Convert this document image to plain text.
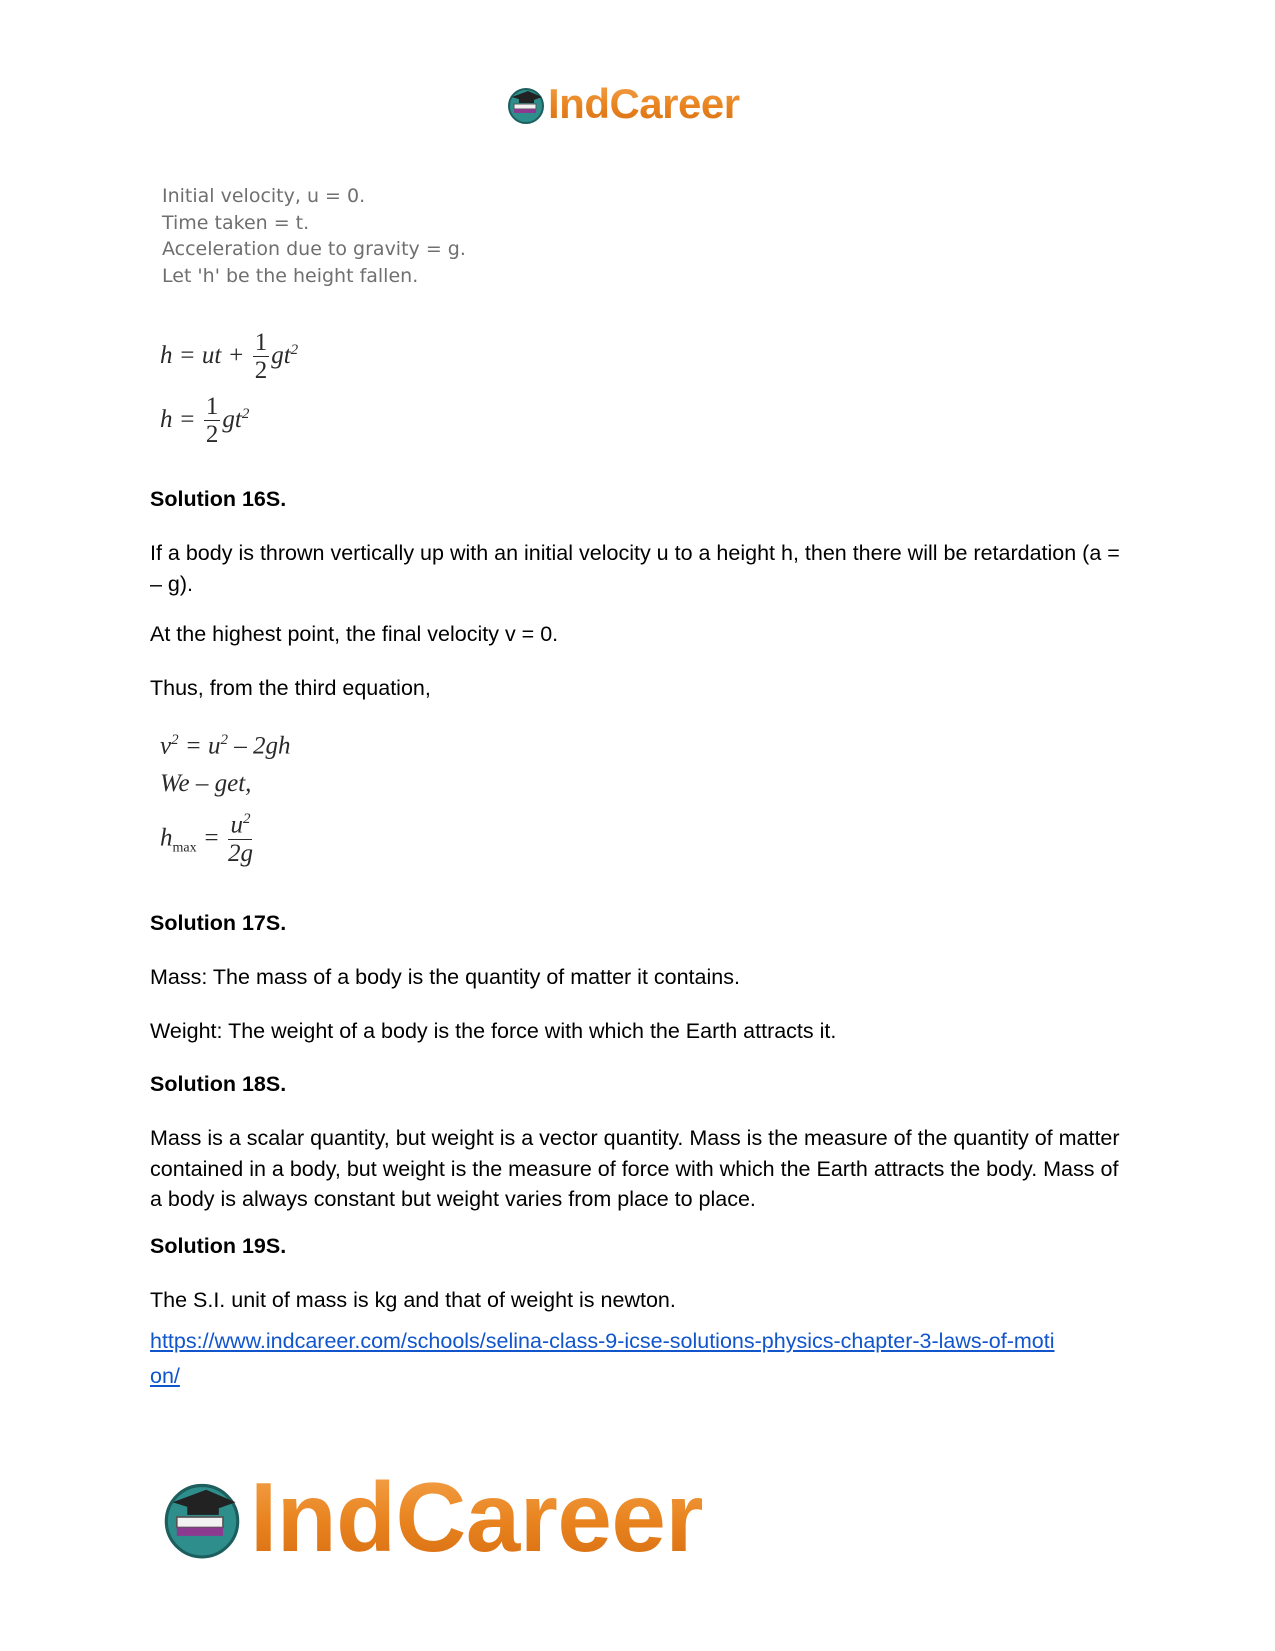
IndCareer
Initial velocity, u = 0.
Time taken = t.
Acceleration due to gravity = g.
Let 'h' be the height fallen.
h = ut + $\frac{1}{2} gt^2$
$h = \frac{1}{2} gt^2$

Solution 16S.

If a body is thrown vertically up with an initial velocity u to a height h, then there will be retardation (a = – g).

At the highest point, the final velocity v = 0.

Thus, from the third equation,

$v^2 = u^2 - 2gh$
We – get,
$h_{max} = \frac{u^2}{2g}$

Solution 17S.

Mass: The mass of a body is the quantity of matter it contains.

Weight: The weight of a body is the force with which the Earth attracts it.

Solution 18S.

Mass is a scalar quantity, but weight is a vector quantity. Mass is the measure of the quantity of matter contained in a body, but weight is the measure of force with which the Earth attracts the body. Mass of a body is always constant but weight varies from place to place.

Solution 19S.

The S.I. unit of mass is kg and that of weight is newton.

https://www.indcareer.com/schools/selina-class-9-icse-solutions-physics-chapter-3-laws-of-moti
on/
IndCareer
